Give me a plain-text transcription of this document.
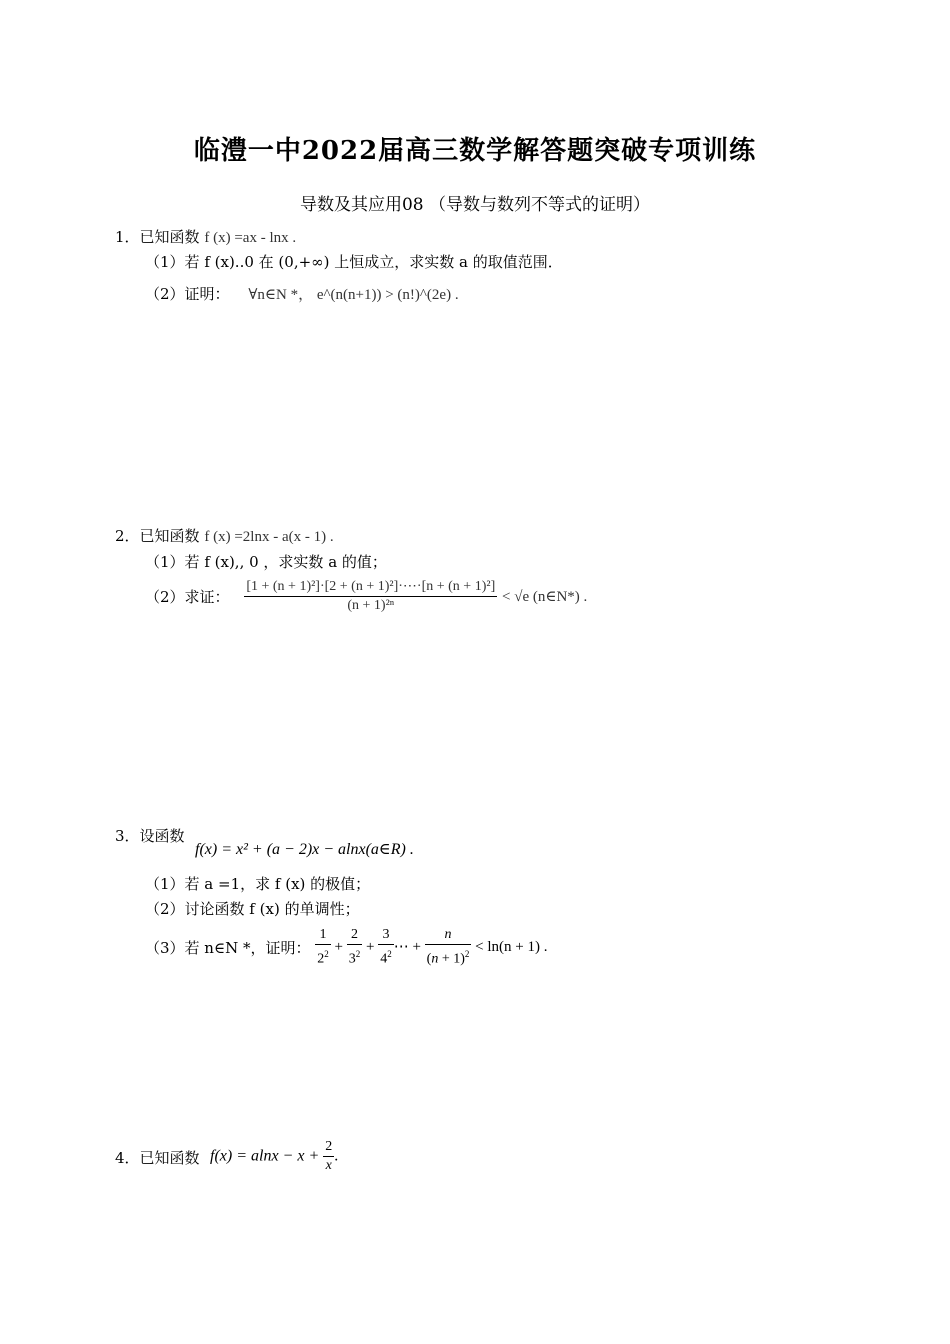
临澧一中2022届高三数学解答题突破专项训练
导数及其应用08 （导数与数列不等式的证明）
1．已知函数 f (x) =ax - lnx .
（1）若 f (x)..0 在 (0,+∞) 上恒成立，求实数 a 的取值范围．
（2）证明： ∀n∈N *， e^(n(n+1)) > (n!)^(2e) .
2．已知函数 f (x) =2lnx - a(x - 1) .
（1）若 f (x),, 0 ，求实数 a 的值；
（2）求证： $\frac{\text{[1 + (n + 1)²]·[2 + (n + 1)²]·⋯·[n + (n + 1)²]}}{\text{(n + 1)²ⁿ}} < √e$ (n∈N*) .
3．设函数
f(x) = x² + (a − 2)x − alnx(a∈R) .
（1）若 a =1，求 f (x) 的极值；
（2）讨论函数 f (x) 的单调性；
（3）若 n∈N *，证明： $\frac{1}{2^2} + \frac{2}{3^2} + \frac{3}{4^2}$ ⋯ + $\frac{n}{(n + 1)^2} < \ln(n + 1)$ .
4．已知函数 $f(x) = alnx - x + \frac{2}{x}$ .
